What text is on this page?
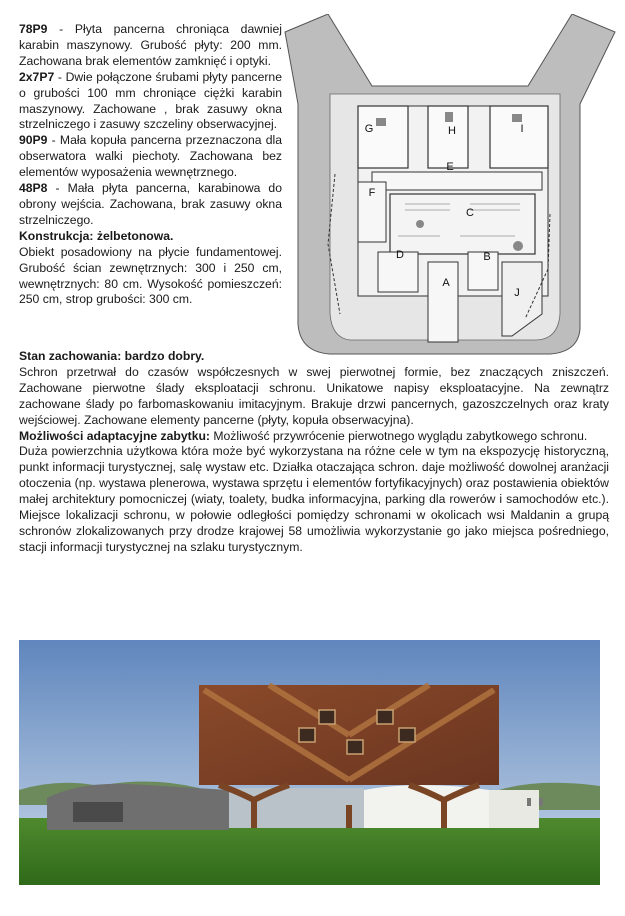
78P9 - Płyta pancerna chroniąca dawniej karabin maszynowy. Grubość płyty: 200 mm. Zachowana brak elementów zamknięć i optyki.

2x7P7 - Dwie połączone śrubami płyty pancerne o grubości 100 mm chroniące ciężki karabin maszynowy. Zachowane , brak zasuwy okna strzelniczego i zasuwy szczeliny obserwacyjnej.

90P9 - Mała kopuła pancerna przeznaczona dla obserwatora walki piechoty. Zachowana bez elementów wyposażenia wewnętrznego.

48P8 - Mała płyta pancerna, karabinowa do obrony wejścia. Zachowana, brak zasuwy okna strzelniczego.

Konstrukcja: żelbetonowa.

Obiekt posadowiony na płycie fundamentowej. Grubość ścian zewnętrznych: 300 i 250 cm, wewnętrznych: 80 cm. Wysokość pomieszczeń: 250 cm, strop grubości: 300 cm.

G	H	I
E
F
C
D	B
A
J

Stan zachowania: bardzo dobry.

Schron przetrwał do czasów współczesnych w swej pierwotnej formie, bez znaczących zniszczeń. Zachowane pierwotne ślady eksploatacji schronu. Unikatowe napisy eksploatacyjne. Na zewnątrz zachowane ślady po farbomaskowaniu imitacyjnym. Brakuje drzwi pancernych, gazoszczelnych oraz kraty wejściowej. Zachowane elementy pancerne (płyty, kopuła obserwacyjna).

Możliwości adaptacyjne zabytku: Możliwość przywrócenie pierwotnego wyglądu zabytkowego schronu.

Duża powierzchnia użytkowa która może być wykorzystana na różne cele w tym na ekspozycję historyczną, punkt informacji turystycznej, salę wystaw etc. Działka otaczająca schron. daje możliwość dowolnej aranżacji otoczenia (np. wystawa plenerowa, wystawa sprzętu i elementów fortyfikacyjnych) oraz postawienia obiektów małej architektury pomocniczej (wiaty, toalety, budka informacyjna, parking dla rowerów i samochodów etc.). Miejsce lokalizacji schronu, w połowie odległości pomiędzy schronami w okolicach wsi Maldanin a grupą schronów zlokalizowanych przy drodze krajowej 58 umożliwia wykorzystanie go jako miejsca pośredniego, stacji informacji turystycznej na szlaku turystycznym.
